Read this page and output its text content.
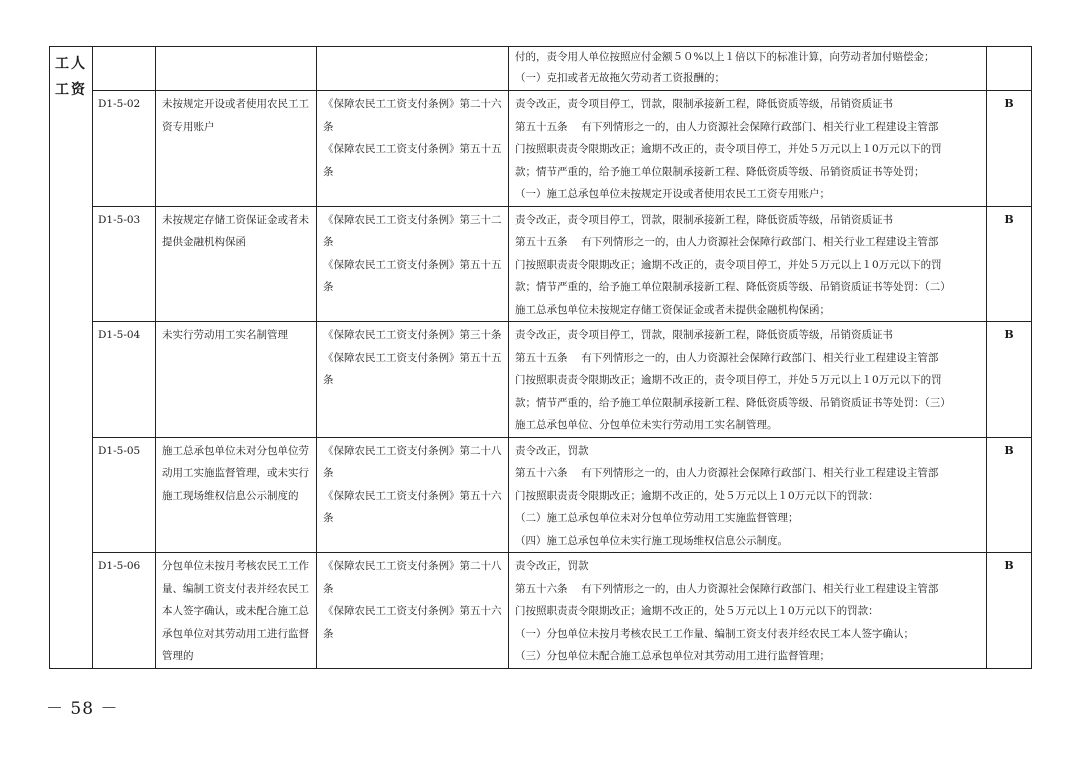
工人
工资				付的，责令用人单位按照应付金额５０%以上１倍以下的标准计算，向劳动者加付赔偿金；
（一）克扣或者无故拖欠劳动者工资报酬的；	

	D1-5-02	未按规定开设或者使用农民工工资专用账户	《保障农民工工资支付条例》第二十六条
《保障农民工工资支付条例》第五十五条	责令改正，责令项目停工，罚款，限制承接新工程，降低资质等级，吊销资质证书
第五十五条　 有下列情形之一的，由人力资源社会保障行政部门、相关行业工程建设主管部
门按照职责责令限期改正；逾期不改正的，责令项目停工，并处５万元以上１0万元以下的罚
款；情节严重的，给予施工单位限制承接新工程、降低资质等级、吊销资质证书等处罚；
（一）施工总承包单位未按规定开设或者使用农民工工资专用账户；	B
	D1-5-03	未按规定存储工资保证金或者未提供金融机构保函	《保障农民工工资支付条例》第三十二条
《保障农民工工资支付条例》第五十五条	责令改正，责令项目停工，罚款，限制承接新工程，降低资质等级，吊销资质证书
第五十五条　 有下列情形之一的，由人力资源社会保障行政部门、相关行业工程建设主管部
门按照职责责令限期改正；逾期不改正的，责令项目停工，并处５万元以上１0万元以下的罚
款；情节严重的，给予施工单位限制承接新工程、降低资质等级、吊销资质证书等处罚：（二）
施工总承包单位未按规定存储工资保证金或者未提供金融机构保函；	B
	D1-5-04	未实行劳动用工实名制管理	《保障农民工工资支付条例》第三十条
《保障农民工工资支付条例》第五十五条	责令改正，责令项目停工，罚款，限制承接新工程，降低资质等级，吊销资质证书
第五十五条　 有下列情形之一的，由人力资源社会保障行政部门、相关行业工程建设主管部
门按照职责责令限期改正；逾期不改正的，责令项目停工，并处５万元以上１0万元以下的罚
款；情节严重的，给予施工单位限制承接新工程、降低资质等级、吊销资质证书等处罚：（三）
施工总承包单位、分包单位未实行劳动用工实名制管理。	B
	D1-5-05	施工总承包单位未对分包单位劳动用工实施监督管理，或未实行施工现场维权信息公示制度的	《保障农民工工资支付条例》第二十八条
《保障农民工工资支付条例》第五十六条	责令改正，罚款
第五十六条　 有下列情形之一的，由人力资源社会保障行政部门、相关行业工程建设主管部
门按照职责责令限期改正；逾期不改正的，处５万元以上１0万元以下的罚款：
（二）施工总承包单位未对分包单位劳动用工实施监督管理；
（四）施工总承包单位未实行施工现场维权信息公示制度。	B
	D1-5-06	分包单位未按月考核农民工工作量、编制工资支付表并经农民工本人签字确认，或未配合施工总承包单位对其劳动用工进行监督管理的	《保障农民工工资支付条例》第二十八条
《保障农民工工资支付条例》第五十六条	责令改正，罚款
第五十六条　 有下列情形之一的，由人力资源社会保障行政部门、相关行业工程建设主管部
门按照职责责令限期改正；逾期不改正的，处５万元以上１0万元以下的罚款：
（一）分包单位未按月考核农民工工作量、编制工资支付表并经农民工本人签字确认；
（三）分包单位未配合施工总承包单位对其劳动用工进行监督管理；	B
－ 58 －
